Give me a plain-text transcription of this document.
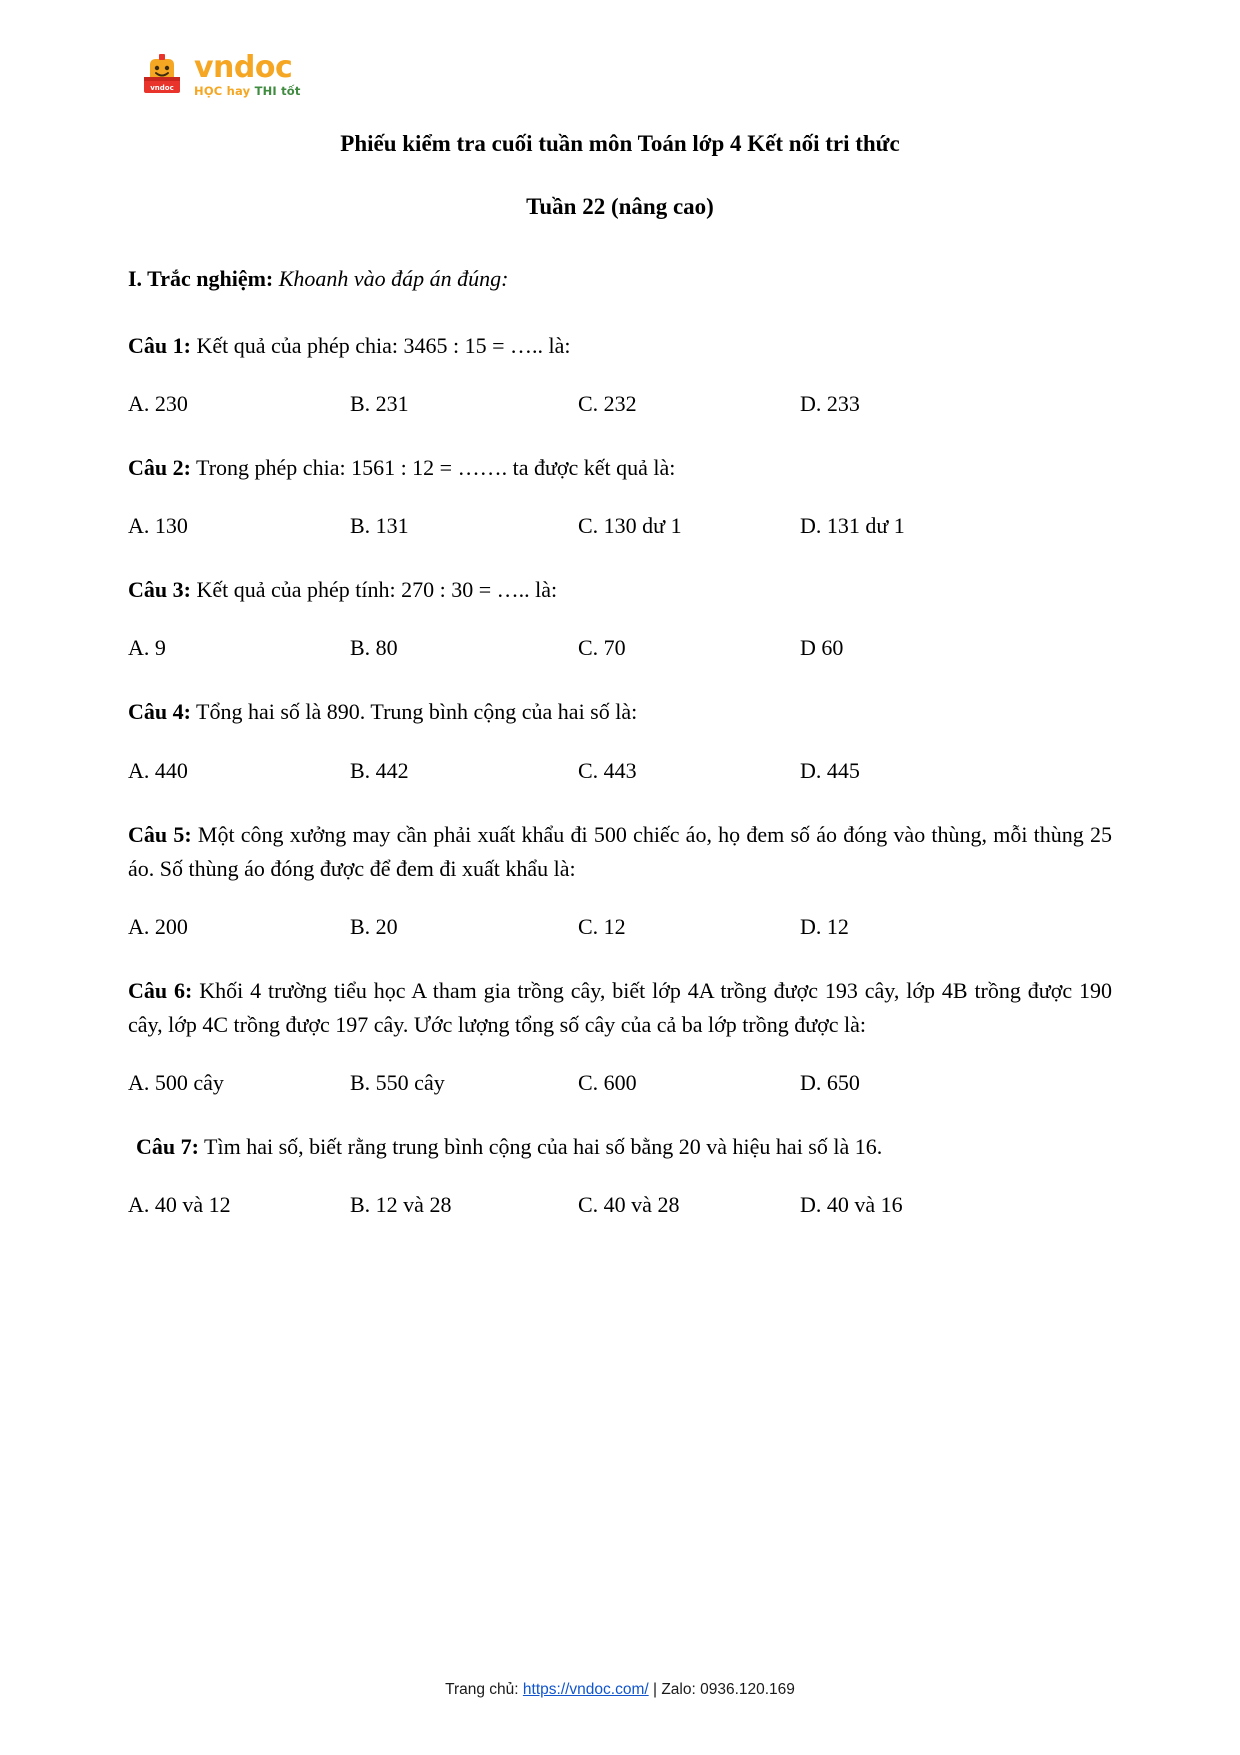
vndoc
vndoc
HỌC hay THI tốt
Phiếu kiểm tra cuối tuần môn Toán lớp 4 Kết nối tri thức
Tuần 22 (nâng cao)

I. Trắc nghiệm: Khoanh vào đáp án đúng:

Câu 1: Kết quả của phép chia: 3465 : 15 = ….. là:

A. 230	B. 231	C. 232	D. 233

Câu 2: Trong phép chia: 1561 : 12 = ……. ta được kết quả là:

A. 130	B. 131	C. 130 dư 1	D. 131 dư 1

Câu 3: Kết quả của phép tính: 270 : 30 = ….. là:

A. 9	B. 80	C. 70	D 60

Câu 4: Tổng hai số là 890. Trung bình cộng của hai số là:

A. 440	B. 442	C. 443	D. 445

Câu 5: Một công xưởng may cần phải xuất khẩu đi 500 chiếc áo, họ đem số áo đóng vào thùng, mỗi thùng 25 áo. Số thùng áo đóng được để đem đi xuất khẩu là:

A. 200	B. 20	C. 12	D. 12

Câu 6: Khối 4 trường tiểu học A tham gia trồng cây, biết lớp 4A trồng được 193 cây, lớp 4B trồng được 190 cây, lớp 4C trồng được 197 cây. Ước lượng tổng số cây của cả ba lớp trồng được là:

A. 500 cây	B. 550 cây	C. 600	D. 650

Câu 7: Tìm hai số, biết rằng trung bình cộng của hai số bằng 20 và hiệu hai số là 16.

A. 40 và 12	B. 12 và 28	C. 40 và 28	D. 40 và 16
Trang chủ: https://vndoc.com/ | Zalo: 0936.120.169
